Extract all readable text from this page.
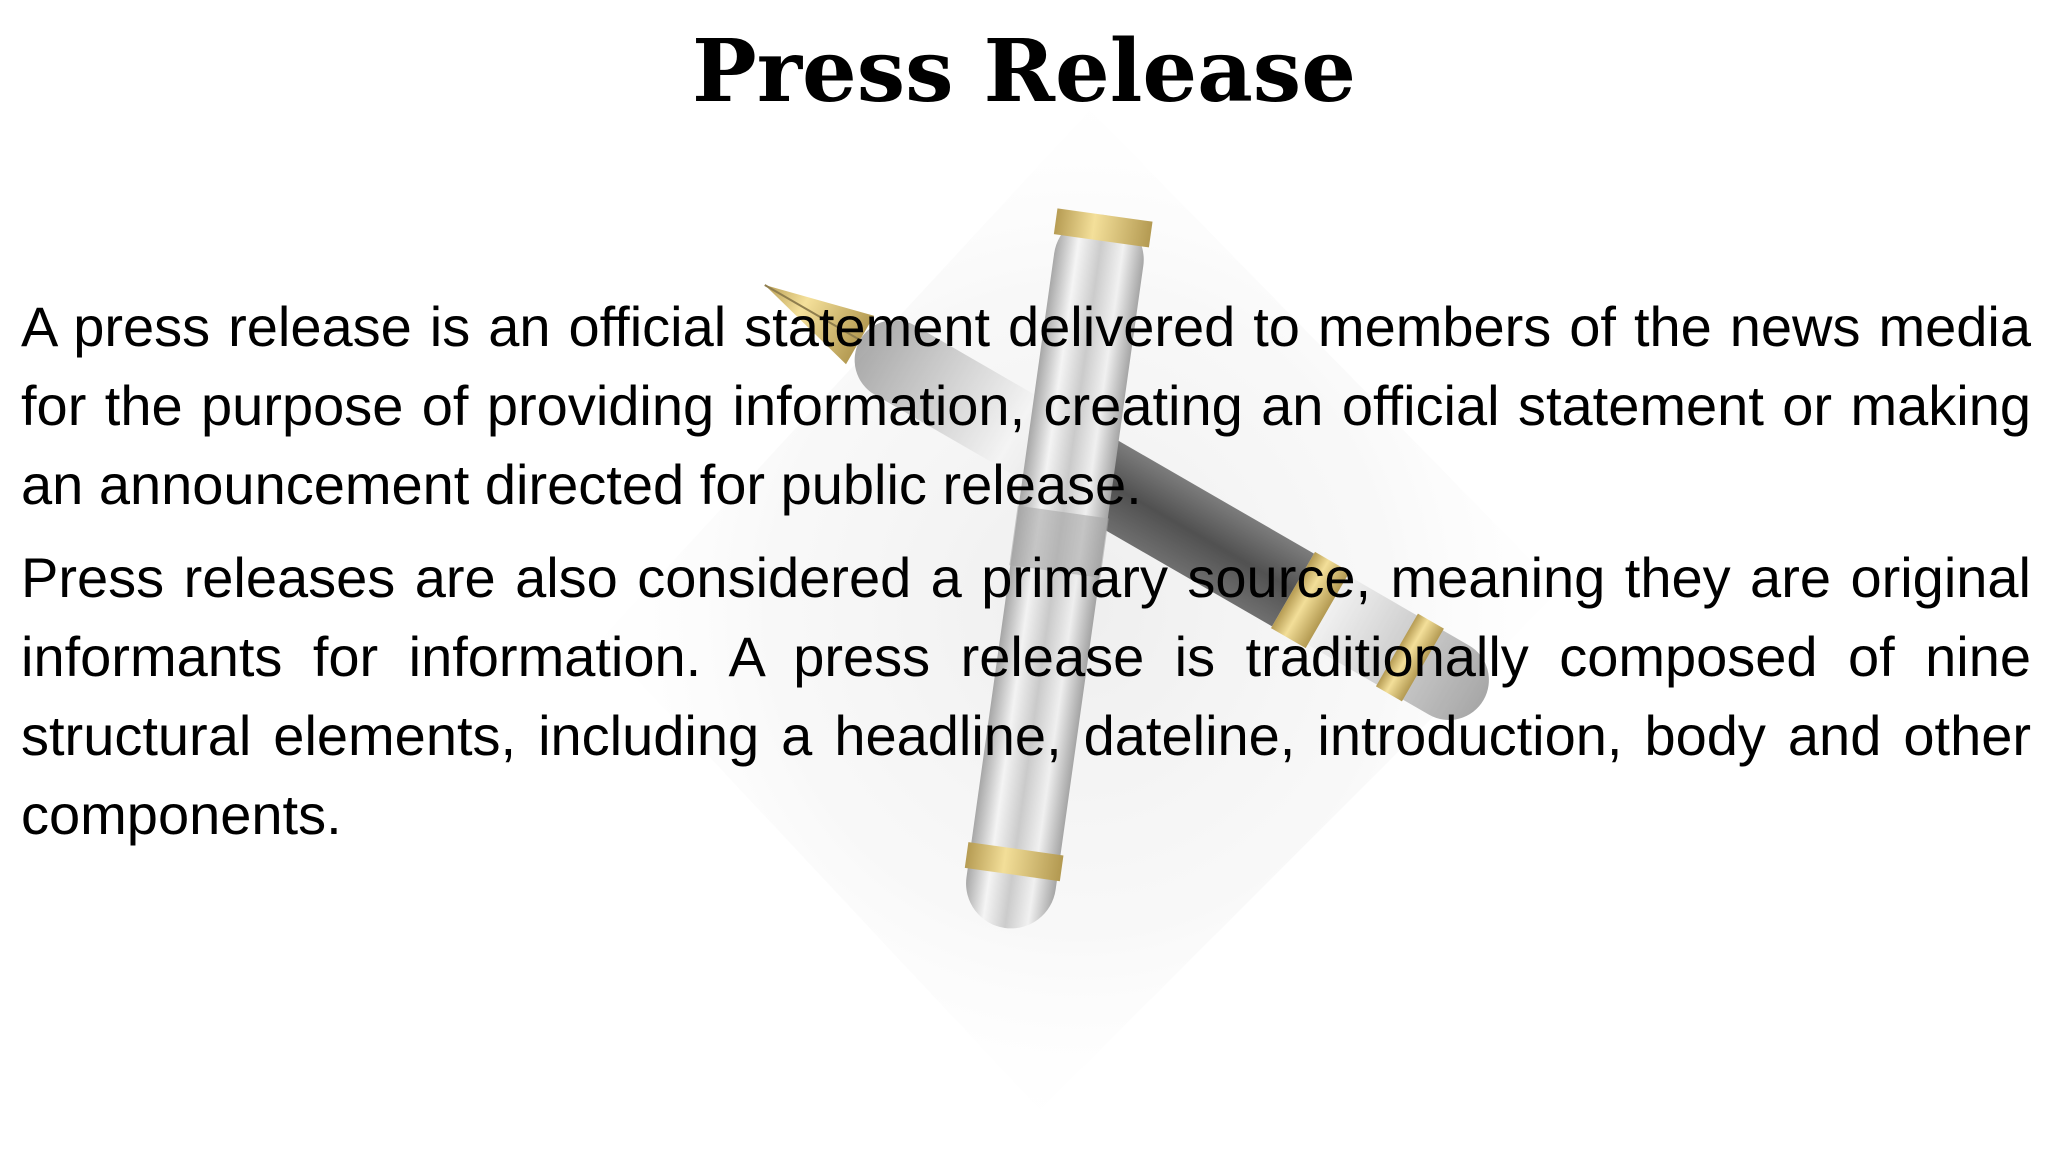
Press Release

A press release is an official statement delivered to members of the news media for the purpose of providing information, creating an official statement or making an announcement directed for public release.

Press releases are also considered a primary source, meaning they are original informants for information. A press release is traditionally composed of nine structural elements, including a headline, dateline, introduction, body and other components.
